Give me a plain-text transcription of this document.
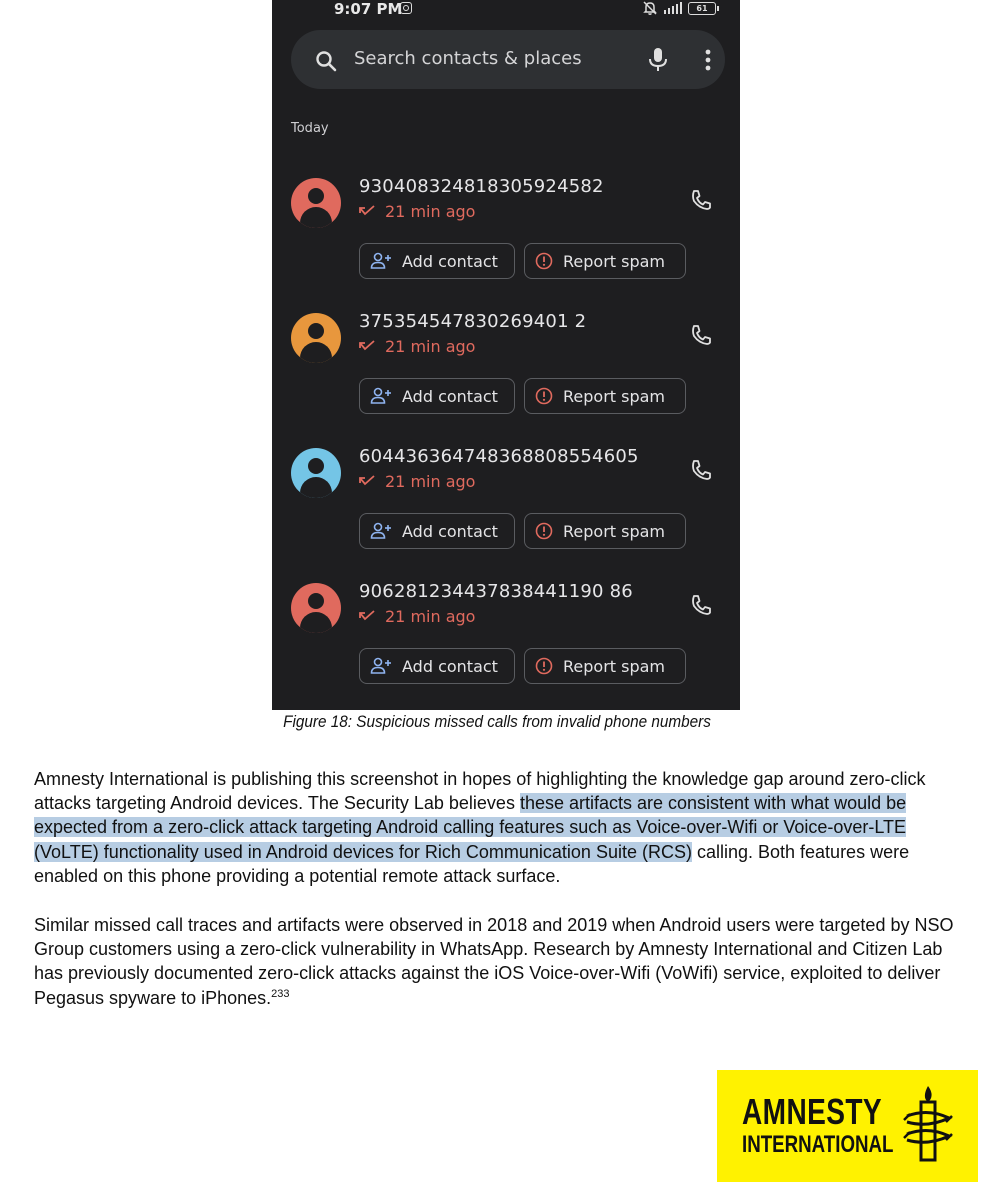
9:07 PM	61
Search contacts & places
Today
930408324818305924582
21 min ago
Add contact	Report spam
375354547830269401 2
21 min ago
Add contact	Report spam
604436364748368808554605
21 min ago
Add contact	Report spam
906281234437838441190 86
21 min ago
Add contact	Report spam
Figure 18: Suspicious missed calls from invalid phone numbers

Amnesty International is publishing this screenshot in hopes of highlighting the knowledge gap around zero-click attacks targeting Android devices. The Security Lab believes these artifacts are consistent with what would be expected from a zero-click attack targeting Android calling features such as Voice-over-Wifi or Voice-over-LTE (VoLTE) functionality used in Android devices for Rich Communication Suite (RCS) calling. Both features were enabled on this phone providing a potential remote attack surface.

Similar missed call traces and artifacts were observed in 2018 and 2019 when Android users were targeted by NSO Group customers using a zero-click vulnerability in WhatsApp. Research by Amnesty International and Citizen Lab has previously documented zero-click attacks against the iOS Voice-over-Wifi (VoWifi) service, exploited to deliver Pegasus spyware to iPhones.$^{233}$

AMNESTY
INTERNATIONAL
